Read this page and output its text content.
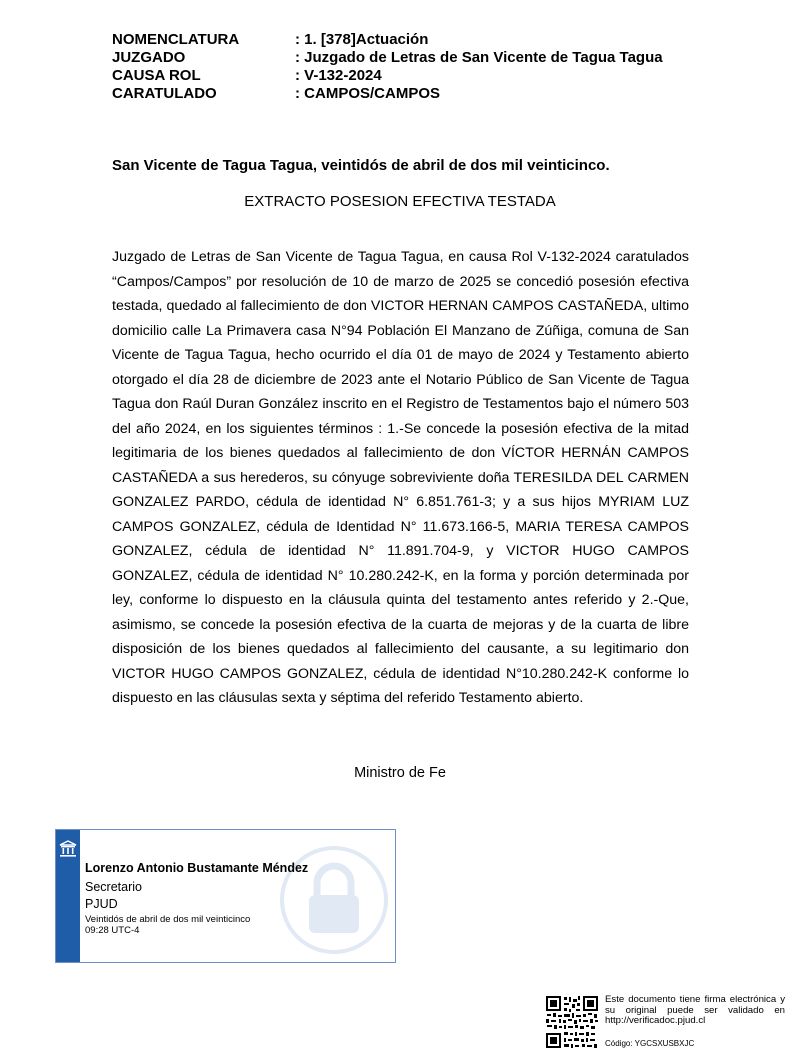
NOMENCLATURA	: 1. [378]Actuación
JUZGADO	: Juzgado de Letras de San Vicente de Tagua Tagua
CAUSA ROL	: V-132-2024
CARATULADO	: CAMPOS/CAMPOS
San Vicente de Tagua Tagua, veintidós de abril de dos mil veinticinco.
EXTRACTO POSESION EFECTIVA TESTADA
Juzgado de Letras de San Vicente de Tagua Tagua, en causa Rol V-132-2024 caratulados “Campos/Campos” por resolución de 10 de marzo de 2025 se concedió posesión efectiva testada, quedado al fallecimiento de don VICTOR HERNAN CAMPOS CASTAÑEDA, ultimo domicilio calle La Primavera casa N°94 Población El Manzano de Zúñiga, comuna de San Vicente de Tagua Tagua, hecho ocurrido el día 01 de mayo de 2024 y Testamento abierto otorgado el día 28 de diciembre de 2023 ante el Notario Público de San Vicente de Tagua Tagua don Raúl Duran González inscrito en el Registro de Testamentos bajo el número 503 del año 2024, en los siguientes términos : 1.-Se concede la posesión efectiva de la mitad legitimaria de los bienes quedados al fallecimiento de don VÍCTOR HERNÁN CAMPOS CASTAÑEDA a sus herederos, su cónyuge sobreviviente doña TERESILDA DEL CARMEN GONZALEZ PARDO, cédula de identidad N° 6.851.761-3; y a sus hijos MYRIAM LUZ CAMPOS GONZALEZ, cédula de Identidad N° 11.673.166-5, MARIA TERESA CAMPOS GONZALEZ, cédula de identidad N° 11.891.704-9, y VICTOR HUGO CAMPOS GONZALEZ, cédula de identidad N° 10.280.242-K, en la forma y porción determinada por ley, conforme lo dispuesto en la cláusula quinta del testamento antes referido y 2.-Que, asimismo, se concede la posesión efectiva de la cuarta de mejoras y de la cuarta de libre disposición de los bienes quedados al fallecimiento del causante, a su legitimario don VICTOR HUGO CAMPOS GONZALEZ, cédula de identidad N°10.280.242-K conforme lo dispuesto en las cláusulas sexta y séptima del referido Testamento abierto.
Ministro de Fe
Lorenzo Antonio Bustamante Méndez
Secretario
PJUD
Veintidós de abril de dos mil veinticinco
09:28 UTC-4
Este documento tiene firma electrónica y su original puede ser validado en http://verificadoc.pjud.cl
Código: YGCSXUSBXJC
